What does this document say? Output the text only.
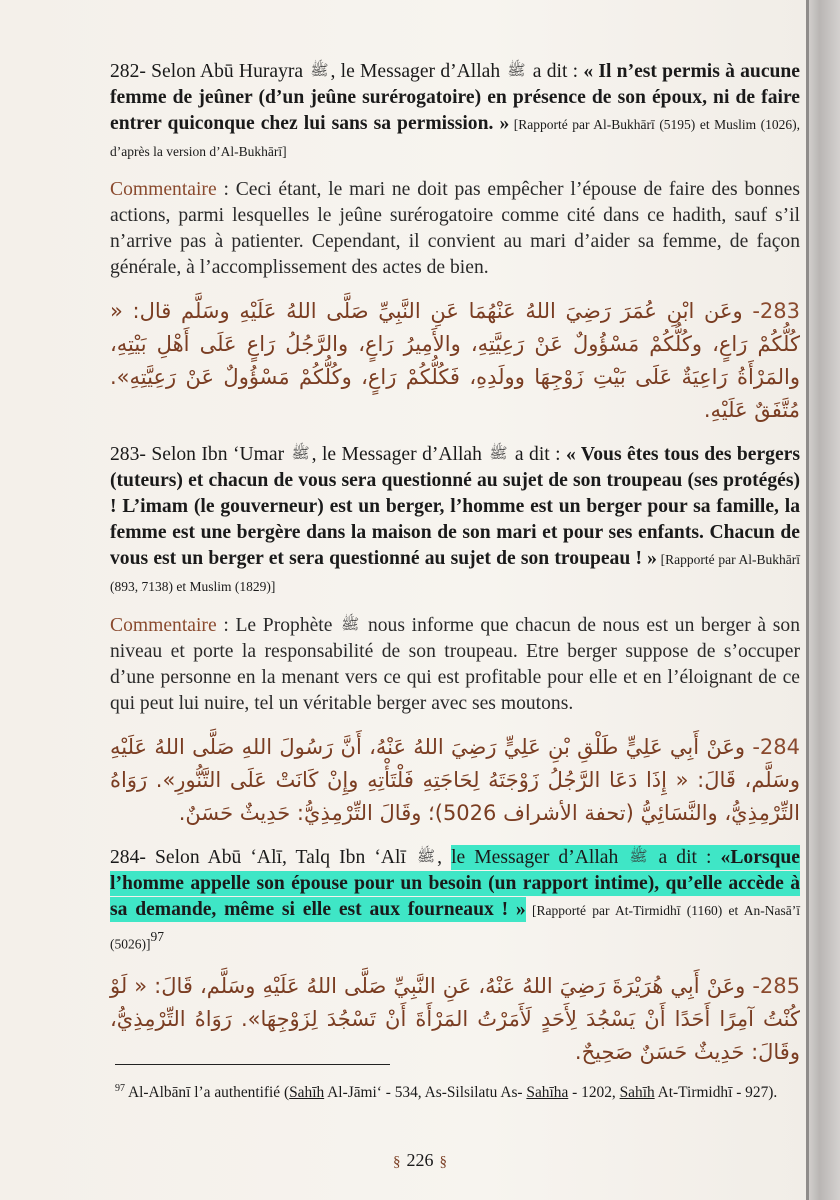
282- Selon Abū Hurayra ﷺ , le Messager d’Allah ﷺ a dit : « Il n’est permis à aucune femme de jeûner (d’un jeûne surérogatoire) en présence de son époux, ni de faire entrer quiconque chez lui sans sa permission. » [Rapporté par Al-Bukhārī (5195) et Muslim (1026), d’après la version d’Al-Bukhārī]

Commentaire : Ceci étant, le mari ne doit pas empêcher l’épouse de faire des bonnes actions, parmi lesquelles le jeûne surérogatoire comme cité dans ce hadith, sauf s’il n’arrive pas à patienter. Cependant, il convient au mari d’aider sa femme, de façon générale, à l’accomplissement des actes de bien.

283- وعَن ابْنِ عُمَرَ رَضِيَ اللهُ عَنْهُمَا عَنِ النَّبِيِّ صَلَّى اللهُ عَلَيْهِ وسَلَّم قال: « كُلُّكُمْ رَاعٍ، وكُلُّكُمْ مَسْؤُولٌ عَنْ رَعِيَّتِهِ، والأَمِيرُ رَاعٍ، والرَّجُلُ رَاعٍ عَلَى أَهْلِ بَيْتِهِ، والمَرْأَةُ رَاعِيَةٌ عَلَى بَيْتِ زَوْجِهَا وولَدِهِ، فَكُلُّكُمْ رَاعٍ، وكُلُّكُمْ مَسْؤُولٌ عَنْ رَعِيَّتِهِ». مُتَّفَقٌ عَلَيْهِ.

283- Selon Ibn ‘Umar ﷺ , le Messager d’Allah ﷺ a dit : « Vous êtes tous des bergers (tuteurs) et chacun de vous sera questionné au sujet de son troupeau (ses protégés) ! L’imam (le gouverneur) est un berger, l’homme est un berger pour sa famille, la femme est une bergère dans la maison de son mari et pour ses enfants. Chacun de vous est un berger et sera questionné au sujet de son troupeau ! » [Rapporté par Al-Bukhārī (893, 7138) et Muslim (1829)]

Commentaire : Le Prophète ﷺ nous informe que chacun de nous est un berger à son niveau et porte la responsabilité de son troupeau. Etre berger suppose de s’occuper d’une personne en la menant vers ce qui est profitable pour elle et en l’éloignant de ce qui peut lui nuire, tel un véritable berger avec ses moutons.

284- وعَنْ أَبِي عَلِيٍّ طَلْقِ بْنِ عَلِيٍّ رَضِيَ اللهُ عَنْهُ، أَنَّ رَسُولَ اللهِ صَلَّى اللهُ عَلَيْهِ وسَلَّم، قَالَ: « إِذَا دَعَا الرَّجُلُ زَوْجَتَهُ لِحَاجَتِهِ فَلْتَأْتِهِ وإِنْ كَانَتْ عَلَى التَّنُّورِ». رَوَاهُ التِّرْمِذِيُّ، والنَّسَائِيُّ (تحفة الأشراف 5026)؛ وقَالَ التِّرْمِذِيُّ: حَدِيثٌ حَسَنٌ.

284- Selon Abū ‘Alī, Talq Ibn ‘Alī ﷺ , le Messager d’Allah ﷺ a dit : «Lorsque l’homme appelle son épouse pour un besoin (un rapport intime), qu’elle accède à sa demande, même si elle est aux fourneaux ! » [Rapporté par At-Tirmidhī (1160) et An-Nasā’ī (5026)]$^{97}$

285- وعَنْ أَبِي هُرَيْرَةَ رَضِيَ اللهُ عَنْهُ، عَنِ النَّبِيِّ صَلَّى اللهُ عَلَيْهِ وسَلَّم، قَالَ: « لَوْ كُنْتُ آمِرًا أَحَدًا أَنْ يَسْجُدَ لِأَحَدٍ لَأَمَرْتُ المَرْأَةَ أَنْ تَسْجُدَ لِزَوْجِهَا». رَوَاهُ التِّرْمِذِيُّ، وقَالَ: حَدِيثٌ حَسَنٌ صَحِيحٌ.

$^{97}$ Al-Albānī l’a authentifié (Sahīh Al-Jāmi‘ - 534, As-Silsilatu As- Sahīha - 1202, Sahīh At-Tirmidhī - 927).
§ 226 §
